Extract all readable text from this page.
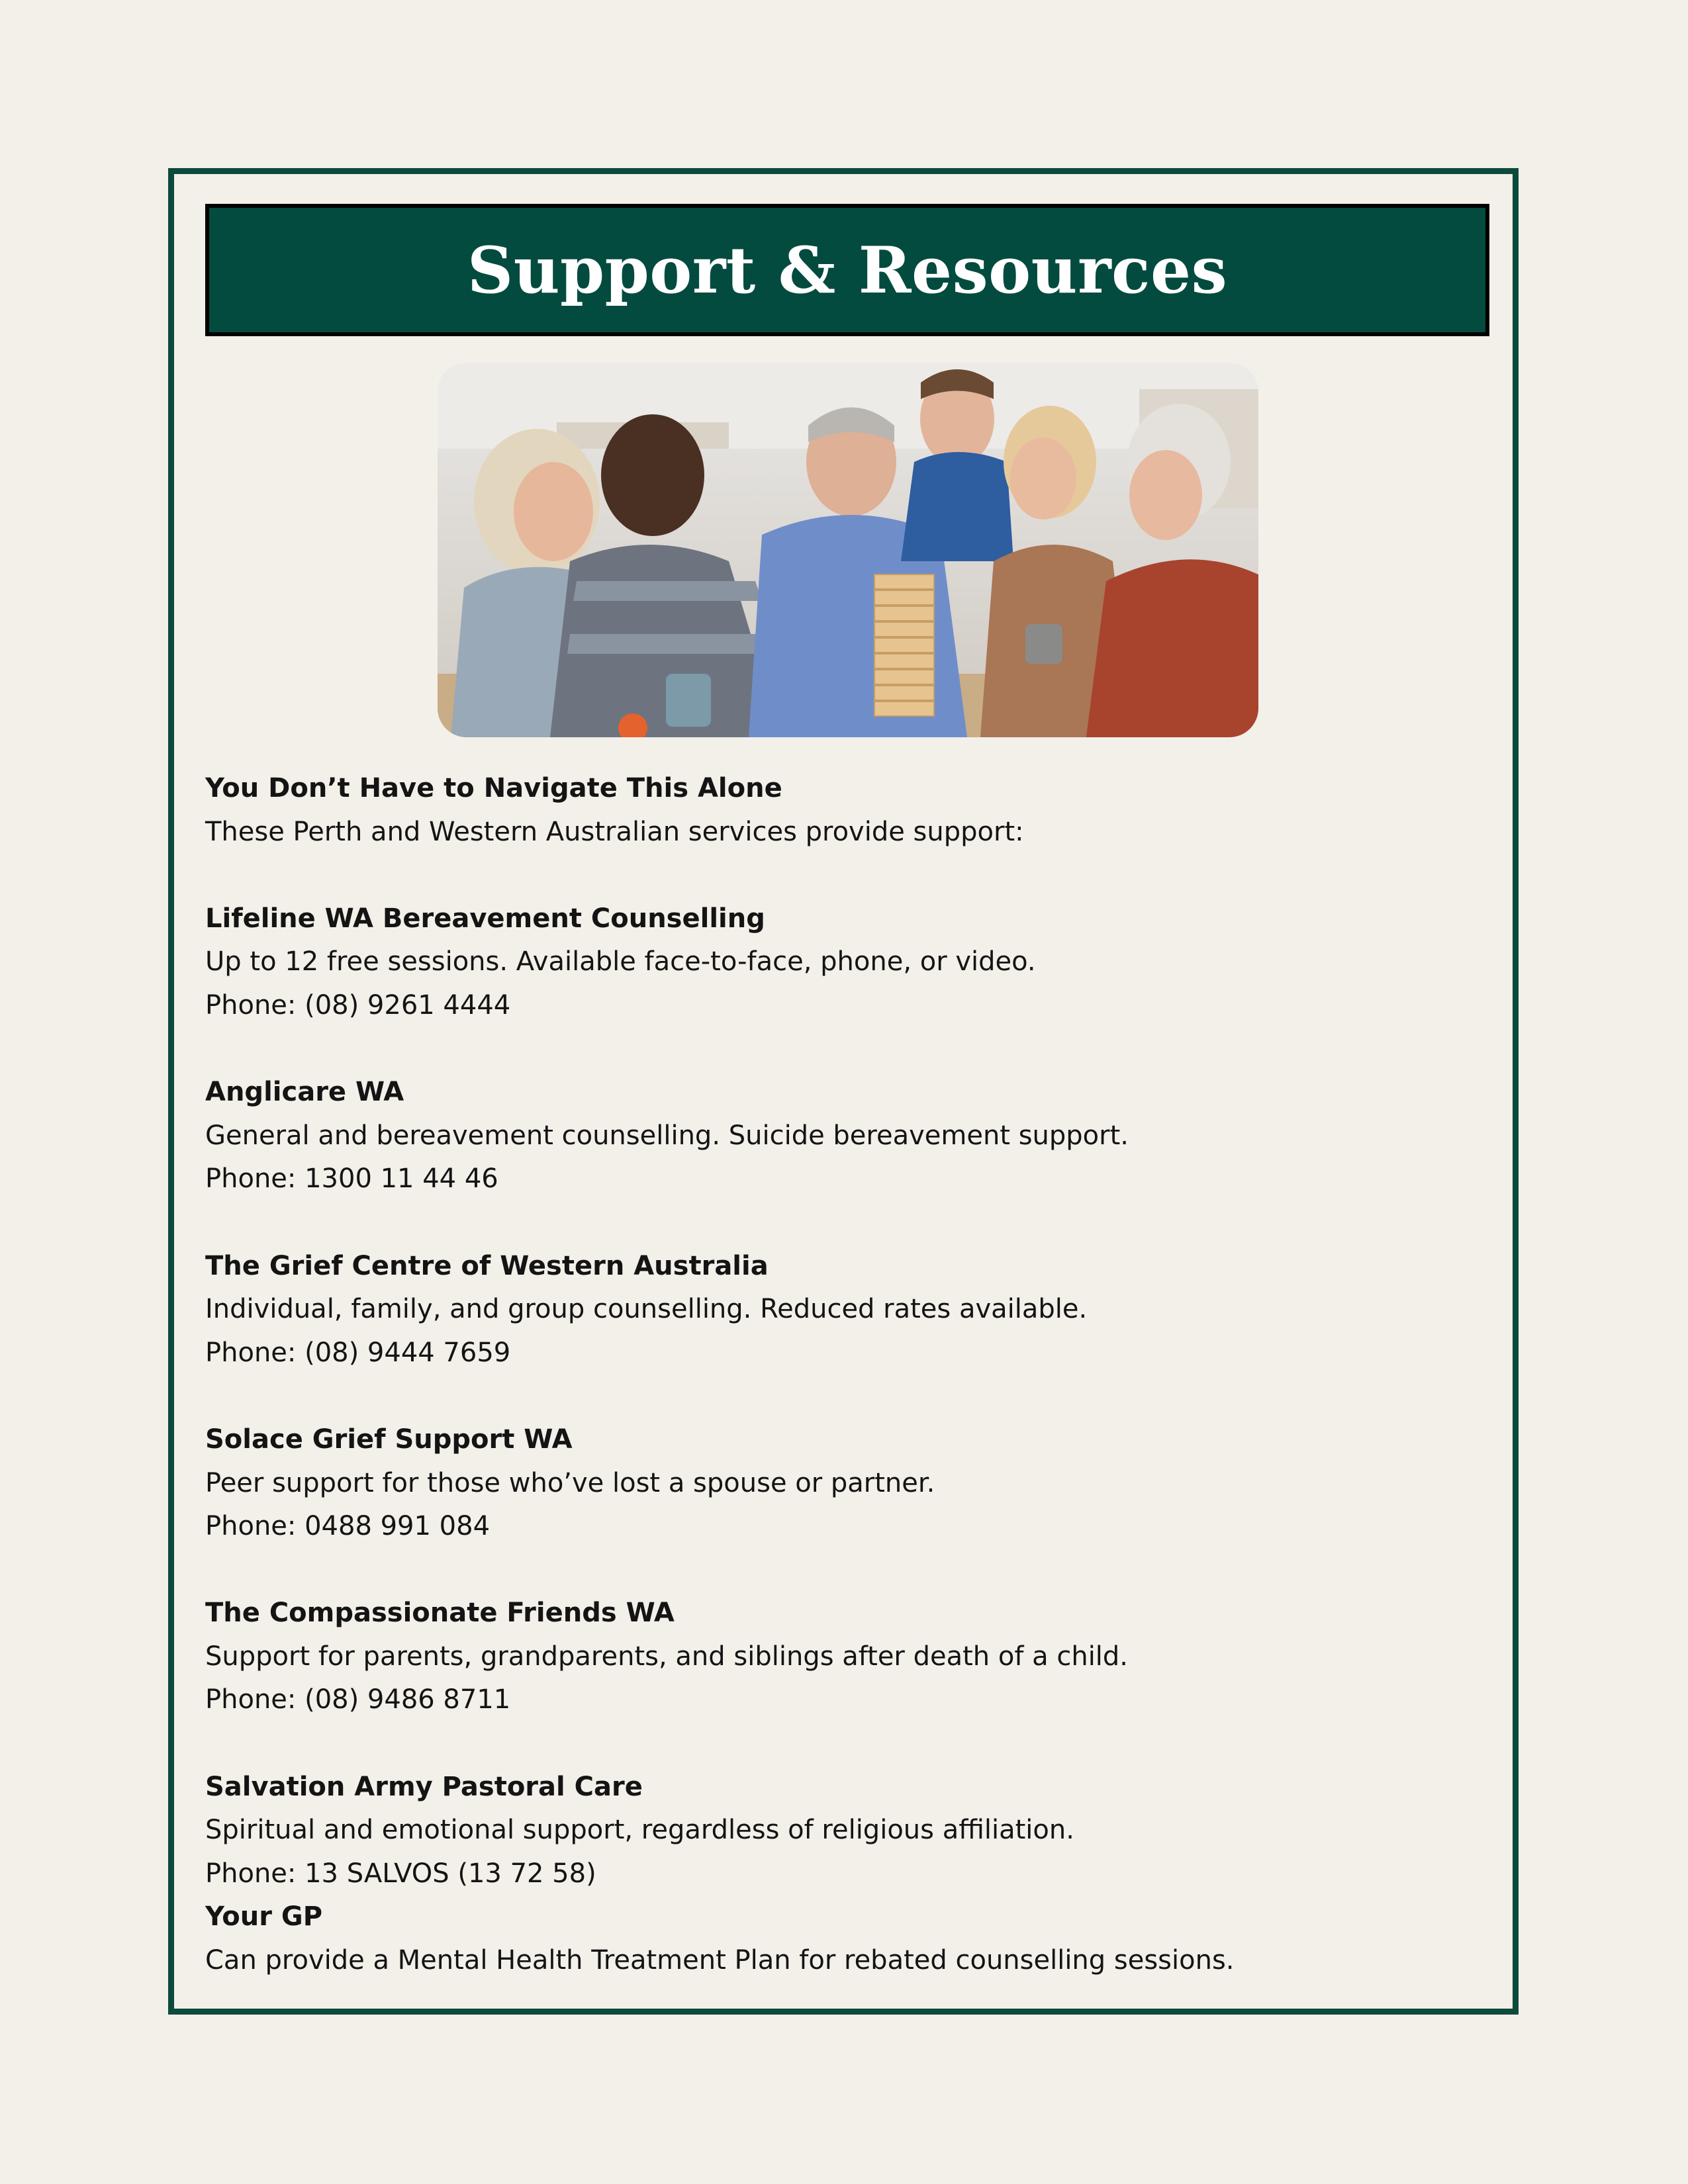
Support & Resources
You Don’t Have to Navigate This Alone
These Perth and Western Australian services provide support:
Lifeline WA Bereavement Counselling
Up to 12 free sessions. Available face-to-face, phone, or video.
Phone: (08) 9261 4444
Anglicare WA
General and bereavement counselling. Suicide bereavement support.
Phone: 1300 11 44 46
The Grief Centre of Western Australia
Individual, family, and group counselling. Reduced rates available.
Phone: (08) 9444 7659
Solace Grief Support WA
Peer support for those who’ve lost a spouse or partner.
Phone: 0488 991 084
The Compassionate Friends WA
Support for parents, grandparents, and siblings after death of a child.
Phone: (08) 9486 8711
Salvation Army Pastoral Care
Spiritual and emotional support, regardless of religious affiliation.
Phone: 13 SALVOS (13 72 58)
Your GP
Can provide a Mental Health Treatment Plan for rebated counselling sessions.
